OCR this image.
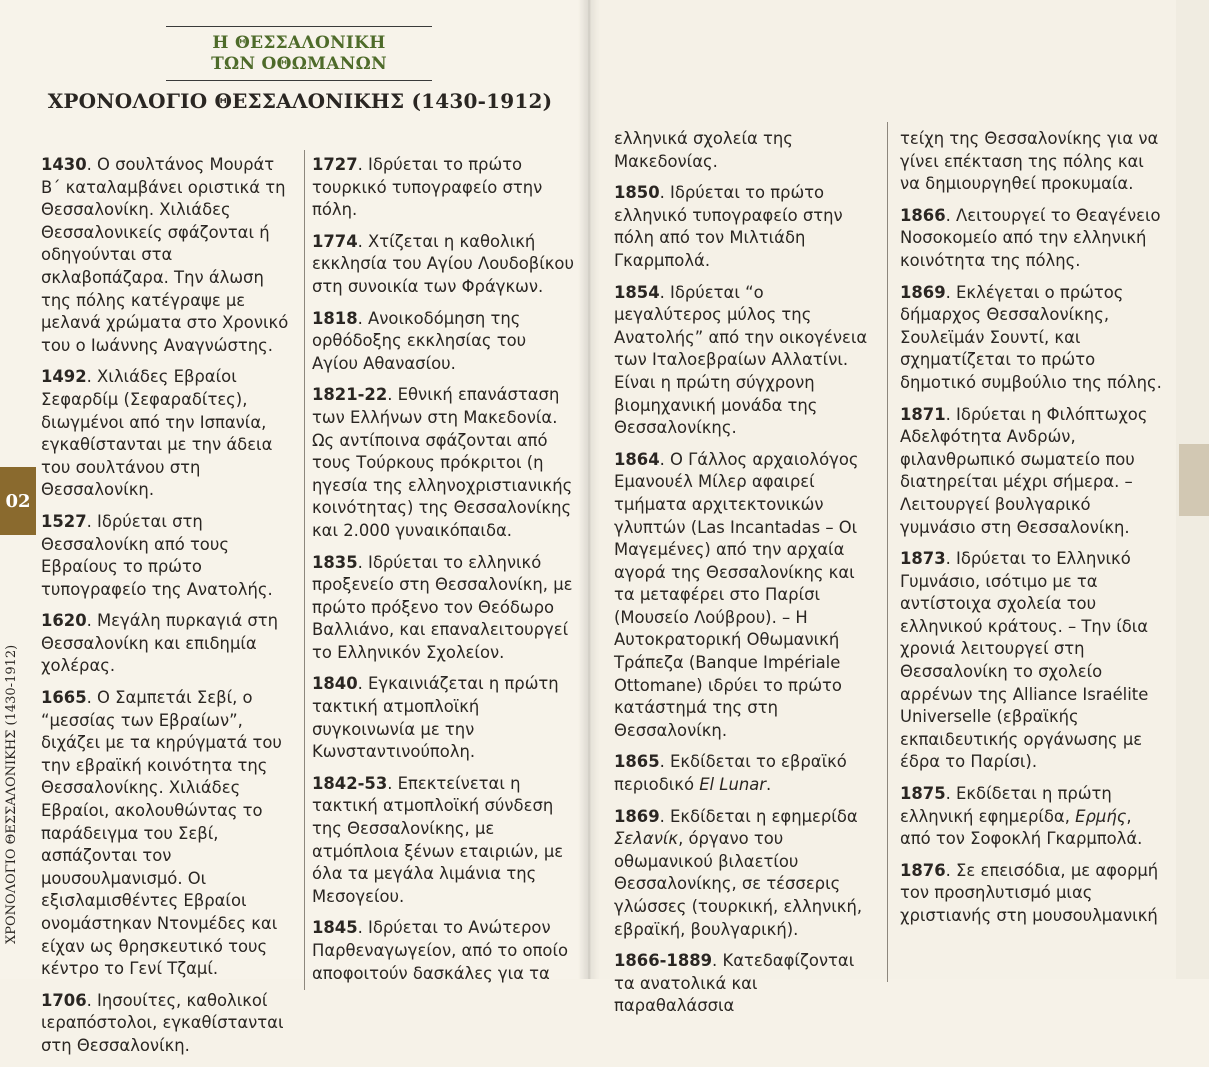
Η ΘΕΣΣΑΛΟΝΙΚΗ
ΤΩΝ ΟΘΩΜΑΝΩΝ
ΧΡΟΝΟΛΟΓΙΟ ΘΕΣΣΑΛΟΝΙΚΗΣ (1430-1912)

1430. Ο σουλτάνος Μουράτ Β΄ καταλαμβάνει οριστικά τη Θεσσαλονίκη. Χιλιάδες Θεσσαλονικείς σφάζονται ή οδηγούνται στα σκλαβοπάζαρα. Την άλωση της πόλης κατέγραψε με μελανά χρώματα στο Χρονικό του ο Ιωάννης Αναγνώστης.

1492. Χιλιάδες Εβραίοι Σεφαρδίμ (Σεφαραδίτες), διωγμένοι από την Ισπανία, εγκαθίστανται με την άδεια του σουλτάνου στη Θεσσαλονίκη.

1527. Ιδρύεται στη Θεσσαλονίκη από τους Εβραίους το πρώτο τυπογραφείο της Ανατολής.

1620. Μεγάλη πυρκαγιά στη Θεσσαλονίκη και επιδημία χολέρας.

1665. Ο Σαμπετάι Σεβί, ο “μεσσίας των Εβραίων”, διχάζει με τα κηρύγματά του την εβραϊκή κοινότητα της Θεσσαλονίκης. Χιλιάδες Εβραίοι, ακολουθώντας το παράδειγμα του Σεβί, ασπάζονται τον μουσουλμανισμό. Οι εξισλαμισθέντες Εβραίοι ονομάστηκαν Ντονμέδες και είχαν ως θρησκευτικό τους κέντρο το Γενί Τζαμί.

1706. Ιησουίτες, καθολικοί ιεραπόστολοι, εγκαθίστανται στη Θεσσαλονίκη.

1727. Ιδρύεται το πρώτο τουρκικό τυπογραφείο στην πόλη.

1774. Χτίζεται η καθολική εκκλησία του Αγίου Λουδοβίκου στη συνοικία των Φράγκων.

1818. Ανοικοδόμηση της ορθόδοξης εκκλησίας του Αγίου Αθανασίου.

1821-22. Εθνική επανάσταση των Ελλήνων στη Μακεδονία. Ως αντίποινα σφάζονται από τους Τούρκους πρόκριτοι (η ηγεσία της ελληνοχριστιανικής κοινότητας) της Θεσσαλονίκης και 2.000 γυναικόπαιδα.

1835. Ιδρύεται το ελληνικό προξενείο στη Θεσσαλονίκη, με πρώτο πρόξενο τον Θεόδωρο Βαλλιάνο, και επαναλειτουργεί το Ελληνικόν Σχολείον.

1840. Εγκαινιάζεται η πρώτη τακτική ατμοπλοϊκή συγκοινωνία με την Κωνσταντινούπολη.

1842-53. Επεκτείνεται η τακτική ατμοπλοϊκή σύνδεση της Θεσσαλονίκης, με ατμόπλοια ξένων εταιριών, με όλα τα μεγάλα λιμάνια της Μεσογείου.

1845. Ιδρύεται το Ανώτερον Παρθεναγωγείον, από το οποίο αποφοιτούν δασκάλες για τα

ελληνικά σχολεία της Μακεδονίας.

1850. Ιδρύεται το πρώτο ελληνικό τυπογραφείο στην πόλη από τον Μιλτιάδη Γκαρμπολά.

1854. Ιδρύεται “ο μεγαλύτερος μύλος της Ανατολής” από την οικογένεια των Ιταλοεβραίων Αλλατίνι. Είναι η πρώτη σύγχρονη βιομηχανική μονάδα της Θεσσαλονίκης.

1864. Ο Γάλλος αρχαιολόγος Εμανουέλ Μίλερ αφαιρεί τμήματα αρχιτεκτονικών γλυπτών (Las Incantadas – Οι Μαγεμένες) από την αρχαία αγορά της Θεσσαλονίκης και τα μεταφέρει στο Παρίσι (Μουσείο Λούβρου). – Η Αυτοκρατορική Οθωμανική Τράπεζα (Banque Impériale Ottomane) ιδρύει το πρώτο κατάστημά της στη Θεσσαλονίκη.

1865. Εκδίδεται το εβραϊκό περιοδικό El Lunar.

1869. Εκδίδεται η εφημερίδα Σελανίκ, όργανο του οθωμανικού βιλαετίου Θεσσαλονίκης, σε τέσσερις γλώσσες (τουρκική, ελληνική, εβραϊκή, βουλγαρική).

1866-1889. Κατεδαφίζονται τα ανατολικά και παραθαλάσσια

τείχη της Θεσσαλονίκης για να γίνει επέκταση της πόλης και να δημιουργηθεί προκυμαία.

1866. Λειτουργεί το Θεαγένειο Νοσοκομείο από την ελληνική κοινότητα της πόλης.

1869. Εκλέγεται ο πρώτος δήμαρχος Θεσσαλονίκης, Σουλεϊμάν Σουντί, και σχηματίζεται το πρώτο δημοτικό συμβούλιο της πόλης.

1871. Ιδρύεται η Φιλόπτωχος Αδελφότητα Ανδρών, φιλανθρωπικό σωματείο που διατηρείται μέχρι σήμερα. – Λειτουργεί βουλγαρικό γυμνάσιο στη Θεσσαλονίκη.

1873. Ιδρύεται το Ελληνικό Γυμνάσιο, ισότιμο με τα αντίστοιχα σχολεία του ελληνικού κράτους. – Την ίδια χρονιά λειτουργεί στη Θεσσαλονίκη το σχολείο αρρένων της Alliance Israélite Universelle (εβραϊκής εκπαιδευτικής οργάνωσης με έδρα το Παρίσι).

1875. Εκδίδεται η πρώτη ελληνική εφημερίδα, Ερμής, από τον Σοφοκλή Γκαρμπολά.

1876. Σε επεισόδια, με αφορμή τον προσηλυτισμό μιας χριστιανής στη μουσουλμανική

02
ΧΡΟΝΟΛΟΓΙΟ ΘΕΣΣΑΛΟΝΙΚΗΣ (1430-1912)
